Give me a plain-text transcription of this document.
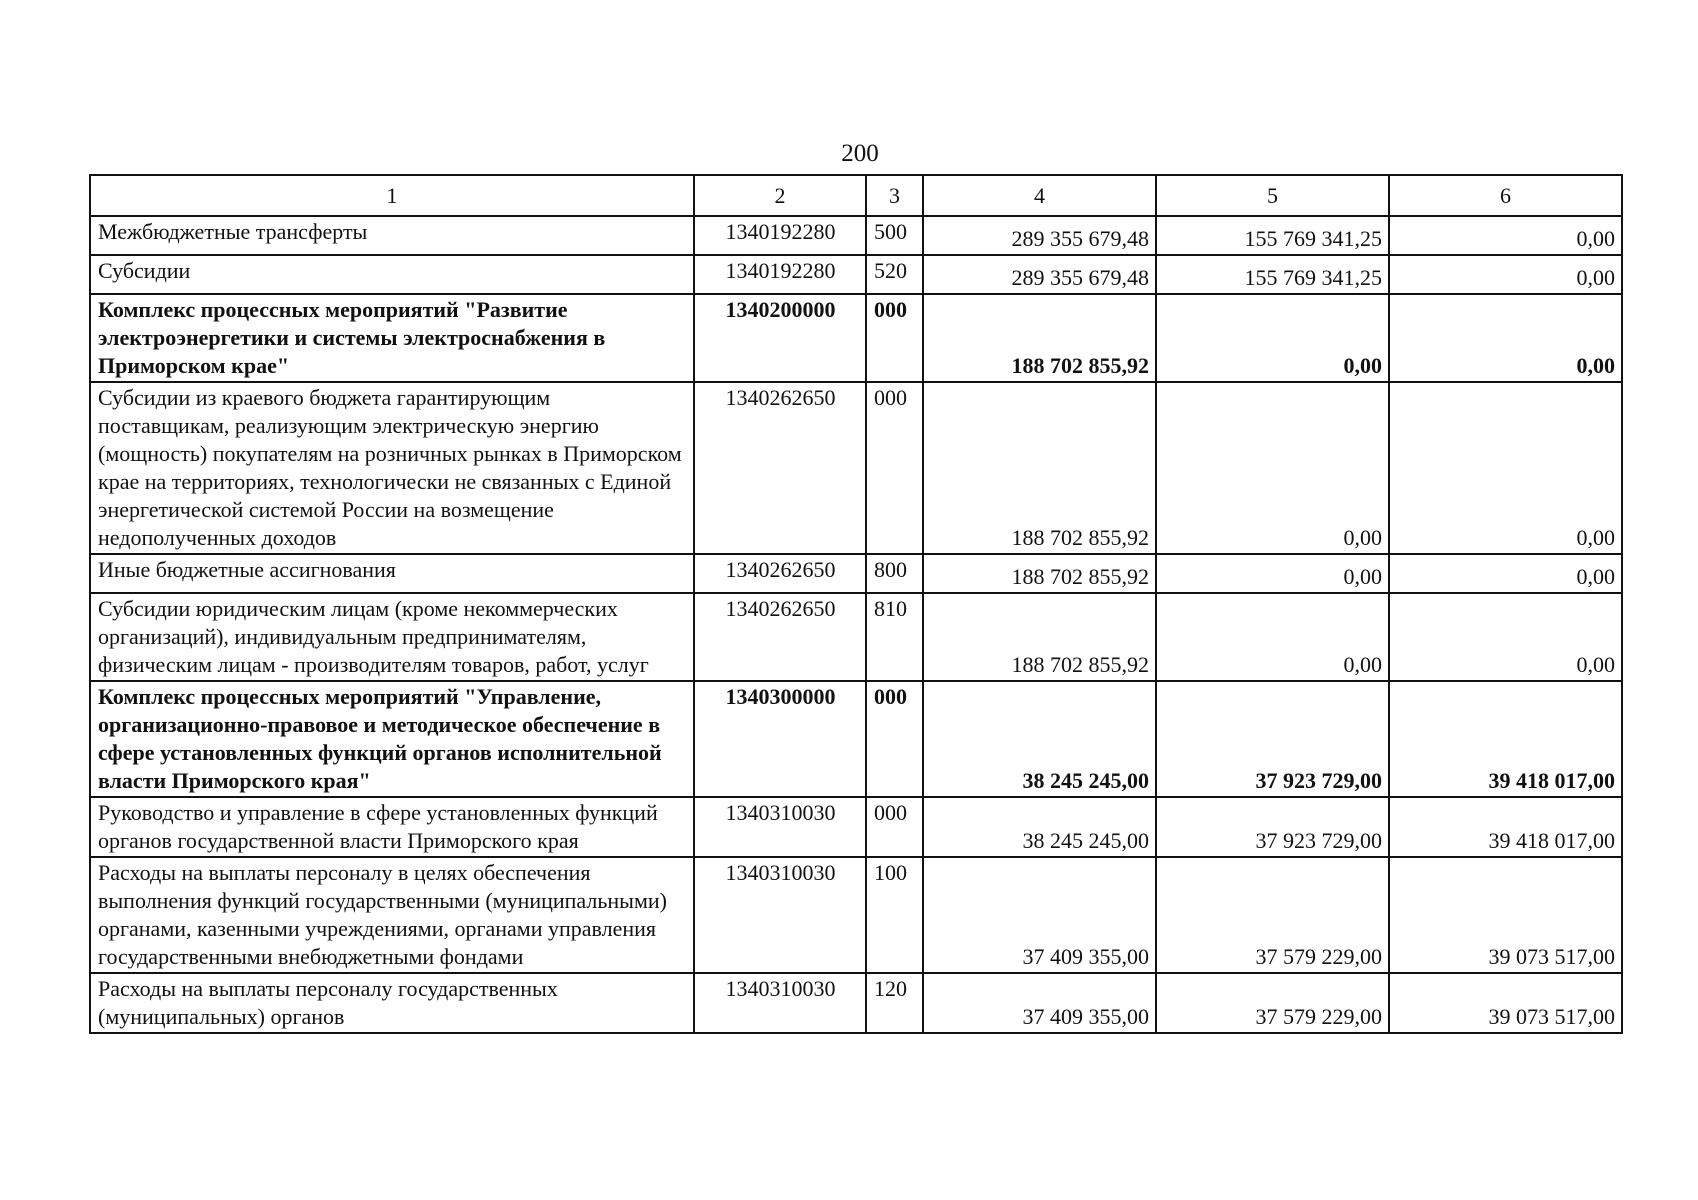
200
1	2	3	4	5	6
Межбюджетные трансферты	1340192280	500	289 355 679,48	155 769 341,25	0,00
Субсидии	1340192280	520	289 355 679,48	155 769 341,25	0,00
Комплекс процессных мероприятий "Развитие электроэнергетики и системы электроснабжения в Приморском крае"	1340200000	000	188 702 855,92	0,00	0,00
Субсидии из краевого бюджета гарантирующим поставщикам, реализующим электрическую энергию (мощность) покупателям на розничных рынках в Приморском крае на территориях, технологически не связанных с Единой энергетической системой России на возмещение недополученных доходов	1340262650	000	188 702 855,92	0,00	0,00
Иные бюджетные ассигнования	1340262650	800	188 702 855,92	0,00	0,00
Субсидии юридическим лицам (кроме некоммерческих организаций), индивидуальным предпринимателям, физическим лицам - производителям товаров, работ, услуг	1340262650	810	188 702 855,92	0,00	0,00
Комплекс процессных мероприятий "Управление, организационно-правовое и методическое обеспечение в сфере установленных функций органов исполнительной власти Приморского края"	1340300000	000	38 245 245,00	37 923 729,00	39 418 017,00
Руководство и управление в сфере установленных функций органов государственной власти Приморского края	1340310030	000	38 245 245,00	37 923 729,00	39 418 017,00
Расходы на выплаты персоналу в целях обеспечения выполнения функций государственными (муниципальными) органами, казенными учреждениями, органами управления государственными внебюджетными фондами	1340310030	100	37 409 355,00	37 579 229,00	39 073 517,00
Расходы на выплаты персоналу государственных (муниципальных) органов	1340310030	120	37 409 355,00	37 579 229,00	39 073 517,00
